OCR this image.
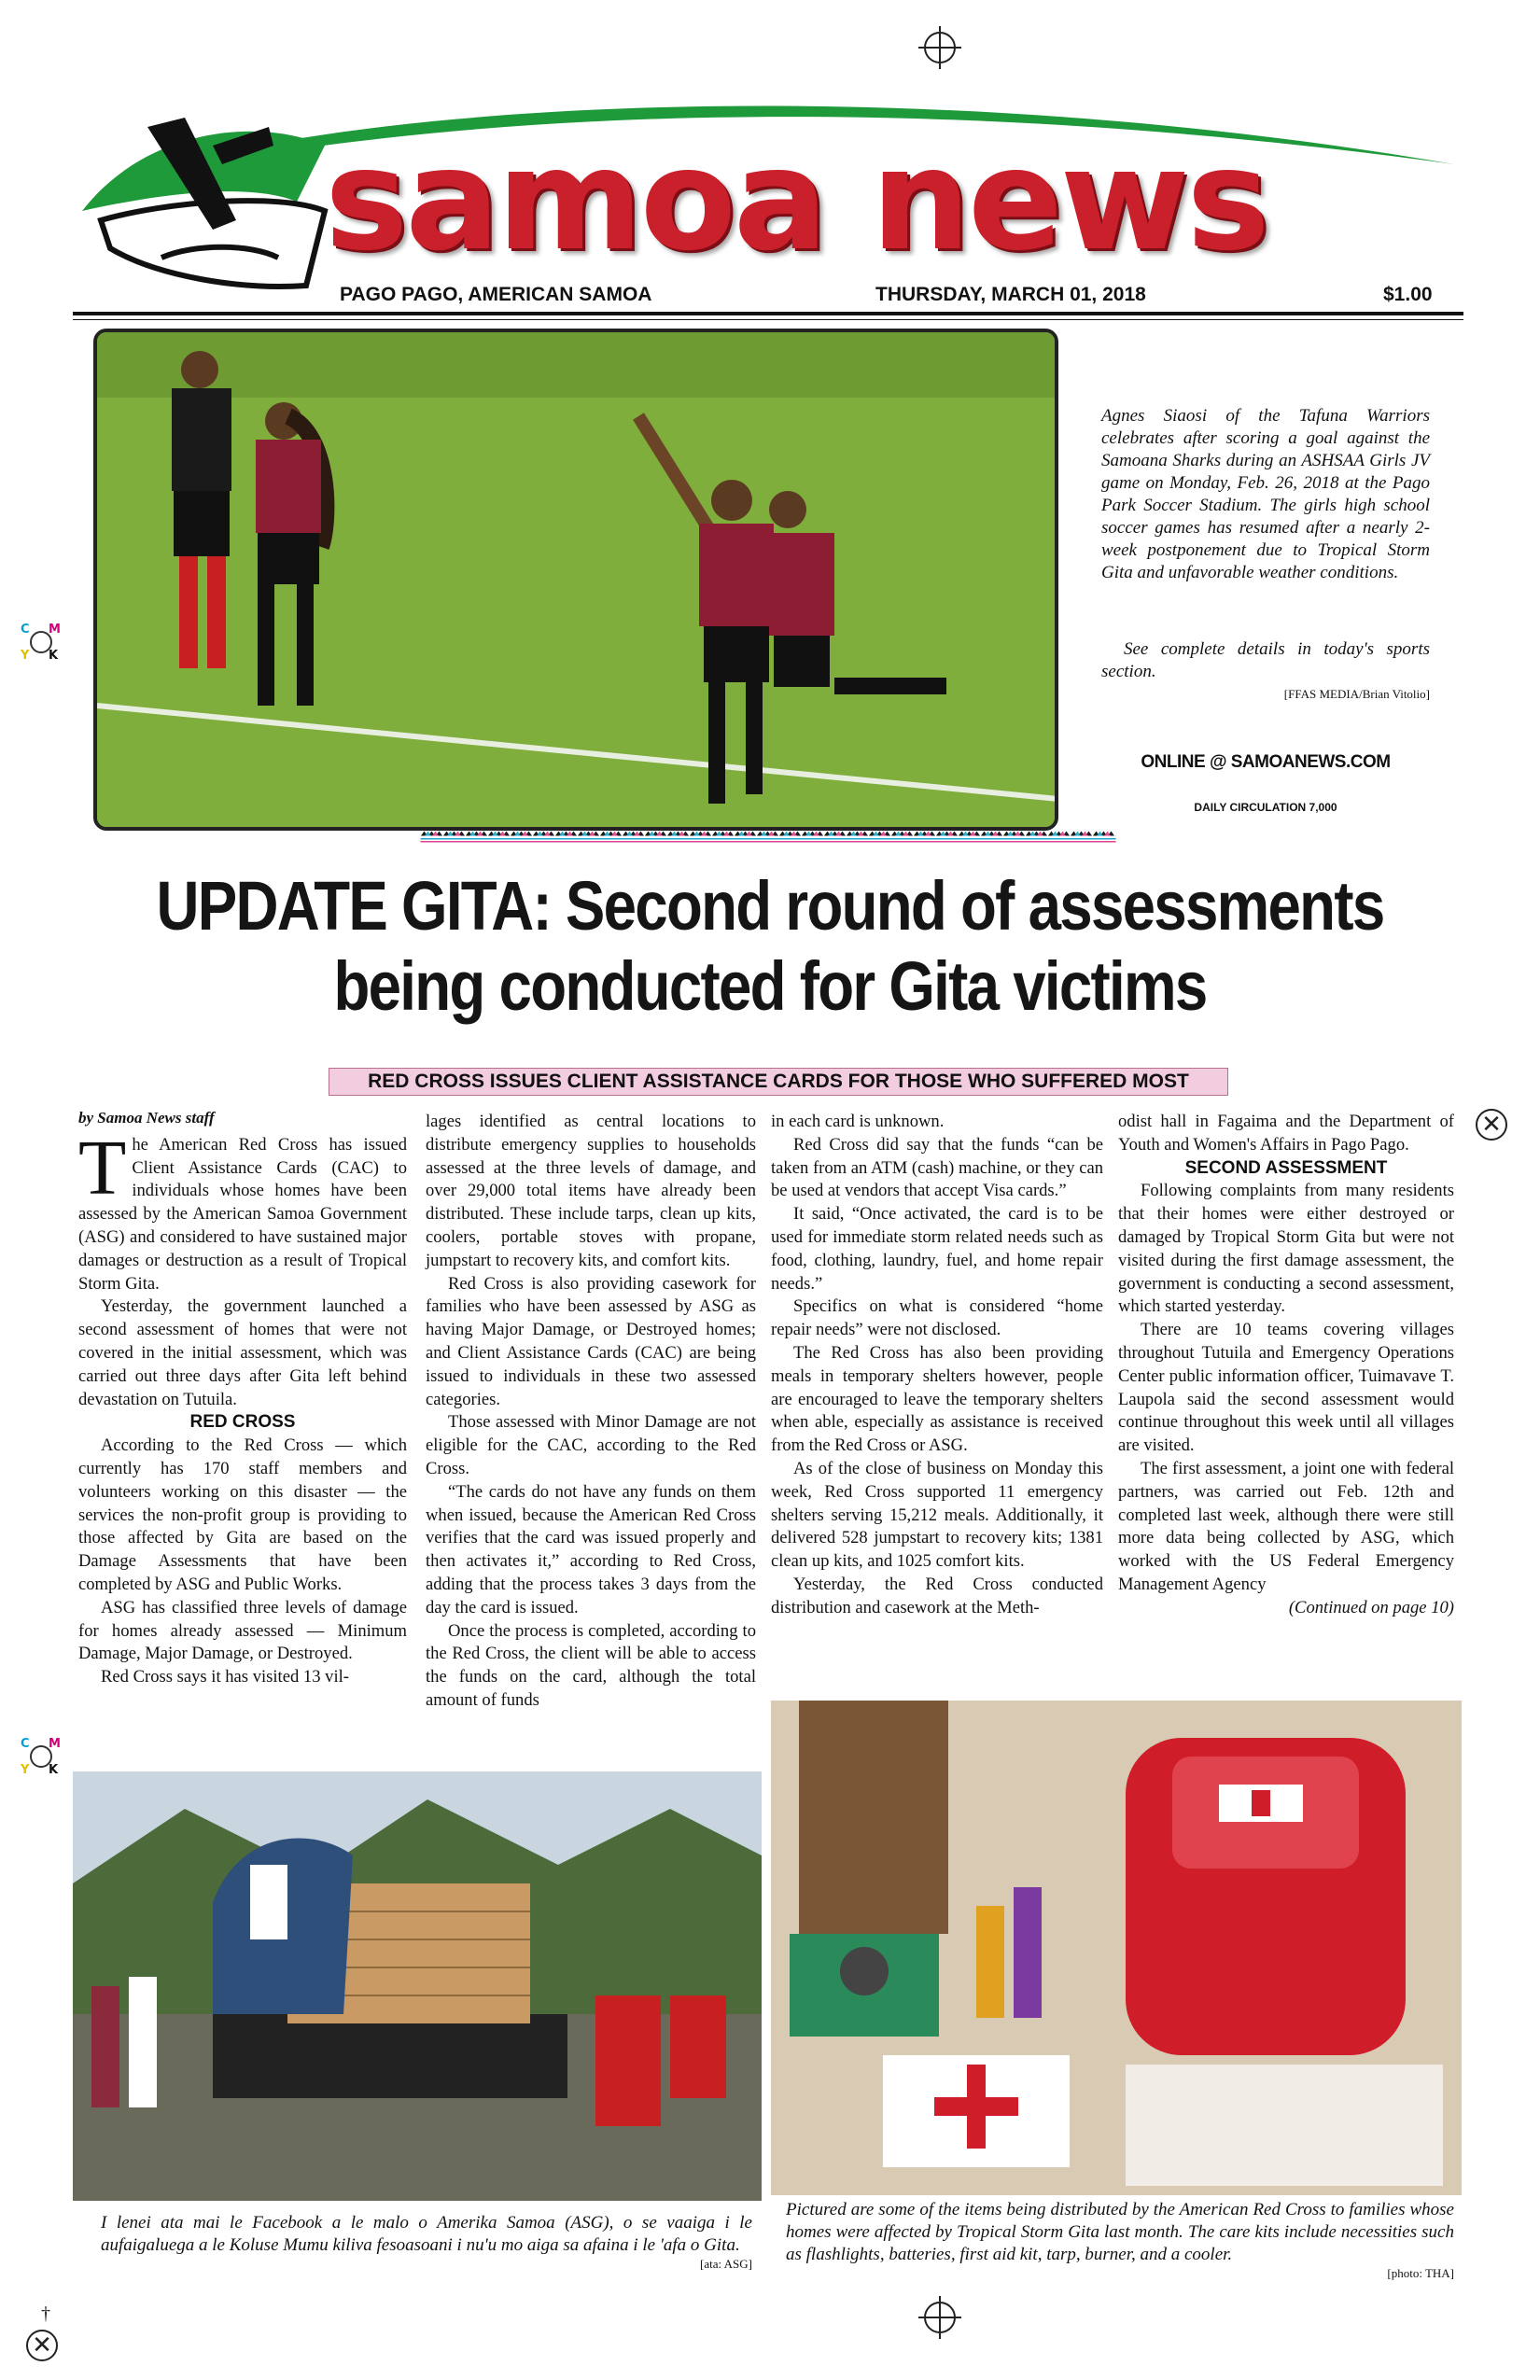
✕
✕
†
C M
Y K
C M
Y K
samoa news
PAGO PAGO, AMERICAN SAMOA	THURSDAY, MARCH 01, 2018	$1.00
Agnes Siaosi of the Tafuna Warriors celebrates after scoring a goal against the Samoana Sharks during an ASHSAA Girls JV game on Monday, Feb. 26, 2018 at the Pago Park Soccer Stadium. The girls high school soccer games has resumed after a nearly 2-week postponement due to Tropical Storm Gita and unfavorable weather conditions.
See complete details in today's sports section.
[FFAS MEDIA/Brian Vitolio]
ONLINE @ SAMOANEWS.COM
DAILY CIRCULATION 7,000
UPDATE GITA: Second round of assessments
being conducted for Gita victims
RED CROSS ISSUES CLIENT ASSISTANCE CARDS FOR THOSE WHO SUFFERED MOST
by Samoa News staff

The American Red Cross has issued Client Assistance Cards (CAC) to individuals whose homes have been assessed by the American Samoa Government (ASG) and considered to have sustained major damages or destruction as a result of Tropical Storm Gita.

Yesterday, the government launched a second assessment of homes that were not covered in the initial assessment, which was carried out three days after Gita left behind devastation on Tutuila.

RED CROSS

According to the Red Cross — which currently has 170 staff members and volunteers working on this disaster — the services the non-profit group is providing to those affected by Gita are based on the Damage Assessments that have been completed by ASG and Public Works.

ASG has classified three levels of damage for homes already assessed — Minimum Damage, Major Damage, or Destroyed.

Red Cross says it has visited 13 vil-

lages identified as central locations to distribute emergency supplies to households assessed at the three levels of damage, and over 29,000 total items have already been distributed. These include tarps, clean up kits, coolers, portable stoves with propane, jumpstart to recovery kits, and comfort kits.

Red Cross is also providing casework for families who have been assessed by ASG as having Major Damage, or Destroyed homes; and Client Assistance Cards (CAC) are being issued to individuals in these two assessed categories.

Those assessed with Minor Damage are not eligible for the CAC, according to the Red Cross.

“The cards do not have any funds on them when issued, because the American Red Cross verifies that the card was issued properly and then activates it,” according to Red Cross, adding that the process takes 3 days from the day the card is issued.

Once the process is completed, according to the Red Cross, the client will be able to access the funds on the card, although the total amount of funds

in each card is unknown.

Red Cross did say that the funds “can be taken from an ATM (cash) machine, or they can be used at vendors that accept Visa cards.”

It said, “Once activated, the card is to be used for immediate storm related needs such as food, clothing, laundry, fuel, and home repair needs.”

Specifics on what is considered “home repair needs” were not disclosed.

The Red Cross has also been providing meals in temporary shelters however, people are encouraged to leave the temporary shelters when able, especially as assistance is received from the Red Cross or ASG.

As of the close of business on Monday this week, Red Cross supported 11 emergency shelters serving 15,212 meals. Additionally, it delivered 528 jumpstart to recovery kits; 1381 clean up kits, and 1025 comfort kits.

Yesterday, the Red Cross conducted distribution and casework at the Meth-

odist hall in Fagaima and the Department of Youth and Women's Affairs in Pago Pago.

SECOND ASSESSMENT

Following complaints from many residents that their homes were either destroyed or damaged by Tropical Storm Gita but were not visited during the first damage assessment, the government is conducting a second assessment, which started yesterday.

There are 10 teams covering villages throughout Tutuila and Emergency Operations Center public information officer, Tuimavave T. Laupola said the second assessment would continue throughout this week until all villages are visited.

The first assessment, a joint one with federal partners, was carried out Feb. 12th and completed last week, although there were still more data being collected by ASG, which worked with the US Federal Emergency Management Agency

(Continued on page 10)

I lenei ata mai le Facebook a le malo o Amerika Samoa (ASG), o se vaaiga i le aufaigaluega a le Koluse Mumu kiliva fesoasoani i nu'u mo aiga sa afaina i le 'afa o Gita.
[ata: ASG]
Pictured are some of the items being distributed by the American Red Cross to families whose homes were affected by Tropical Storm Gita last month. The care kits include necessities such as flashlights, batteries, first aid kit, tarp, burner, and a cooler.
[photo: THA]
